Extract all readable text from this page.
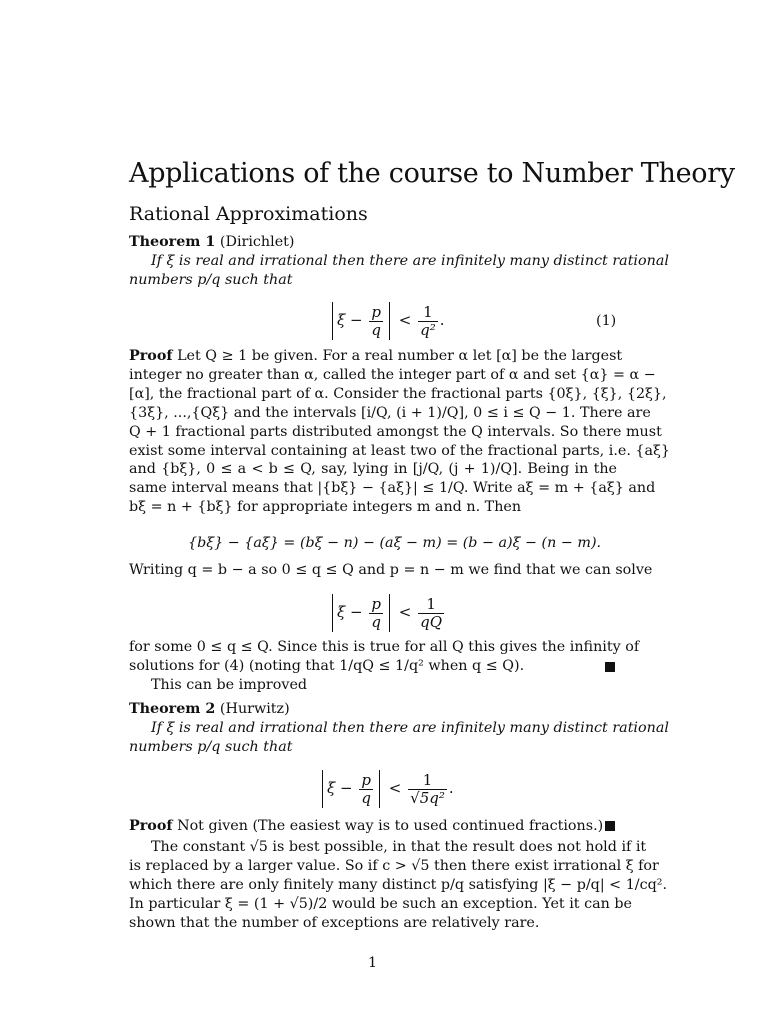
Applications of the course to Number Theory
Rational Approximations
Theorem 1 (Dirichlet)
If ξ is real and irrational then there are infinitely many distinct rational
numbers p/q such that
$\xi - \frac{p}{q} < \frac{1}{\text{q²}}$ .	(1)
Proof Let Q ≥ 1 be given. For a real number α let [α] be the largest
integer no greater than α, called the integer part of α and set {α} = α −
[α], the fractional part of α. Consider the fractional parts {0ξ}, {ξ}, {2ξ},
{3ξ}, ...,{Qξ} and the intervals [i/Q, (i + 1)/Q], 0 ≤ i ≤ Q − 1. There are
Q + 1 fractional parts distributed amongst the Q intervals. So there must
exist some interval containing at least two of the fractional parts, i.e. {aξ}
and {bξ}, 0 ≤ a < b ≤ Q, say, lying in [j/Q, (j + 1)/Q]. Being in the
same interval means that |{bξ} − {aξ}| ≤ 1/Q. Write aξ = m + {aξ} and
bξ = n + {bξ} for appropriate integers m and n. Then
{bξ} − {aξ} = (bξ − n) − (aξ − m) = (b − a)ξ − (n − m).
Writing q = b − a so 0 ≤ q ≤ Q and p = n − m we find that we can solve
$\xi - \frac{p}{q} < \frac{1}{qQ}$
for some 0 ≤ q ≤ Q. Since this is true for all Q this gives the infinity of
solutions for (4) (noting that 1/qQ ≤ 1/q² when q ≤ Q).
This can be improved
Theorem 2 (Hurwitz)
If ξ is real and irrational then there are infinitely many distinct rational
numbers p/q such that
$\xi - \frac{p}{q} < \frac{1}{\text{√5q²}}$ .
Proof Not given (The easiest way is to used continued fractions.)
The constant √5 is best possible, in that the result does not hold if it
is replaced by a larger value. So if c > √5 then there exist irrational ξ for
which there are only finitely many distinct p/q satisfying |ξ − p/q| < 1/cq².
In particular ξ = (1 + √5)/2 would be such an exception. Yet it can be
shown that the number of exceptions are relatively rare.
1
